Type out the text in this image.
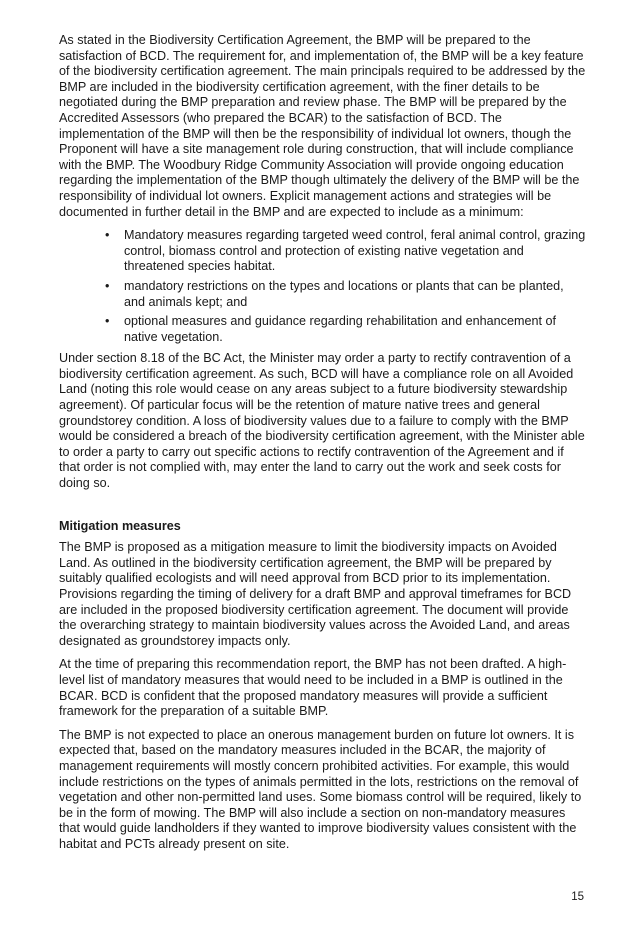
As stated in the Biodiversity Certification Agreement, the BMP will be prepared to the satisfaction of BCD. The requirement for, and implementation of, the BMP will be a key feature of the biodiversity certification agreement. The main principals required to be addressed by the BMP are included in the biodiversity certification agreement, with the finer details to be negotiated during the BMP preparation and review phase. The BMP will be prepared by the Accredited Assessors (who prepared the BCAR) to the satisfaction of BCD. The implementation of the BMP will then be the responsibility of individual lot owners, though the Proponent will have a site management role during construction, that will include compliance with the BMP. The Woodbury Ridge Community Association will provide ongoing education regarding the implementation of the BMP though ultimately the delivery of the BMP will be the responsibility of individual lot owners. Explicit management actions and strategies will be documented in further detail in the BMP and are expected to include as a minimum:

• Mandatory measures regarding targeted weed control, feral animal control, grazing control, biomass control and protection of existing native vegetation and threatened species habitat.
• mandatory restrictions on the types and locations or plants that can be planted, and animals kept; and
• optional measures and guidance regarding rehabilitation and enhancement of native vegetation.

Under section 8.18 of the BC Act, the Minister may order a party to rectify contravention of a biodiversity certification agreement. As such, BCD will have a compliance role on all Avoided Land (noting this role would cease on any areas subject to a future biodiversity stewardship agreement). Of particular focus will be the retention of mature native trees and general groundstorey condition. A loss of biodiversity values due to a failure to comply with the BMP would be considered a breach of the biodiversity certification agreement, with the Minister able to order a party to carry out specific actions to rectify contravention of the Agreement and if that order is not complied with, may enter the land to carry out the work and seek costs for doing so.

Mitigation measures

The BMP is proposed as a mitigation measure to limit the biodiversity impacts on Avoided Land. As outlined in the biodiversity certification agreement, the BMP will be prepared by suitably qualified ecologists and will need approval from BCD prior to its implementation. Provisions regarding the timing of delivery for a draft BMP and approval timeframes for BCD are included in the proposed biodiversity certification agreement. The document will provide the overarching strategy to maintain biodiversity values across the Avoided Land, and areas designated as groundstorey impacts only.

At the time of preparing this recommendation report, the BMP has not been drafted. A high-level list of mandatory measures that would need to be included in a BMP is outlined in the BCAR. BCD is confident that the proposed mandatory measures will provide a sufficient framework for the preparation of a suitable BMP.

The BMP is not expected to place an onerous management burden on future lot owners. It is expected that, based on the mandatory measures included in the BCAR, the majority of management requirements will mostly concern prohibited activities. For example, this would include restrictions on the types of animals permitted in the lots, restrictions on the removal of vegetation and other non-permitted land uses. Some biomass control will be required, likely to be in the form of mowing. The BMP will also include a section on non-mandatory measures that would guide landholders if they wanted to improve biodiversity values consistent with the habitat and PCTs already present on site.

15
